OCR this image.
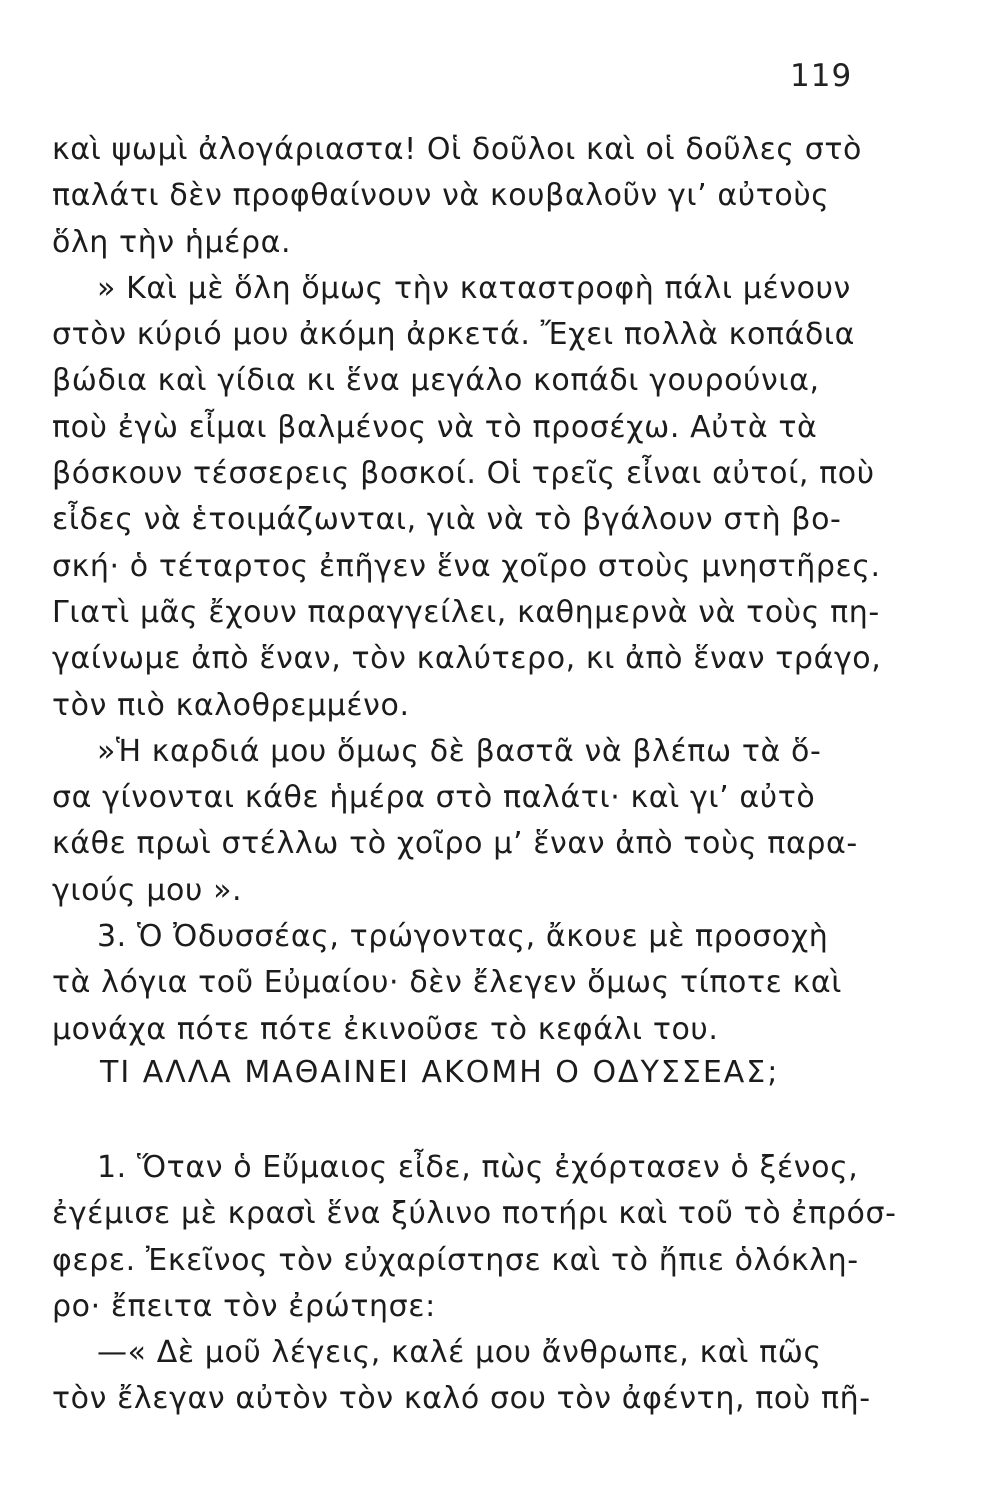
119
καὶ ψωμὶ ἀλογάριαστα! Οἱ δοῦλοι καὶ οἱ δοῦλες στὸ
παλάτι δὲν προφθαίνουν νὰ κουβαλοῦν γι’ αὐτοὺς
ὅλη τὴν ἡμέρα.
» Καὶ μὲ ὅλη ὅμως τὴν καταστροφὴ πάλι μένουν
στὸν κύριό μου ἀκόμη ἀρκετά. Ἔχει πολλὰ κοπάδια
βώδια καὶ γίδια κι ἕνα μεγάλο κοπάδι γουρούνια,
ποὺ ἐγὼ εἶμαι βαλμένος νὰ τὸ προσέχω. Αὐτὰ τὰ
βόσκουν τέσσερεις βοσκοί. Οἱ τρεῖς εἶναι αὐτοί, ποὺ
εἶδες νὰ ἑτοιμάζωνται, γιὰ νὰ τὸ βγάλουν στὴ βο-
σκή· ὁ τέταρτος ἐπῆγεν ἕνα χοῖρο στοὺς μνηστῆρες.
Γιατὶ μᾶς ἔχουν παραγγείλει, καθημερνὰ νὰ τοὺς πη-
γαίνωμε ἀπὸ ἕναν, τὸν καλύτερο, κι ἀπὸ ἕναν τράγο,
τὸν πιὸ καλοθρεμμένο.
»Ἡ καρδιά μου ὅμως δὲ βαστᾶ νὰ βλέπω τὰ ὅ-
σα γίνονται κάθε ἡμέρα στὸ παλάτι· καὶ γι’ αὐτὸ
κάθε πρωὶ στέλλω τὸ χοῖρο μ’ ἕναν ἀπὸ τοὺς παρα-
γιούς μου ».
3. Ὁ Ὀδυσσέας, τρώγοντας, ἄκουε μὲ προσοχὴ
τὰ λόγια τοῦ Εὐμαίου· δὲν ἔλεγεν ὅμως τίποτε καὶ
μονάχα πότε πότε ἐκινοῦσε τὸ κεφάλι του.
ΤΙ ΑΛΛΑ ΜΑΘΑΙΝΕΙ ΑΚΟΜΗ Ο ΟΔΥΣΣΕΑΣ;
1. Ὅταν ὁ Εὔμαιος εἶδε, πὼς ἐχόρτασεν ὁ ξένος,
ἐγέμισε μὲ κρασὶ ἕνα ξύλινο ποτήρι καὶ τοῦ τὸ ἐπρόσ-
φερε. Ἐκεῖνος τὸν εὐχαρίστησε καὶ τὸ ἤπιε ὁλόκλη-
ρο· ἔπειτα τὸν ἐρώτησε:
—« Δὲ μοῦ λέγεις, καλέ μου ἄνθρωπε, καὶ πῶς
τὸν ἔλεγαν αὐτὸν τὸν καλό σου τὸν ἀφέντη, ποὺ πῆ-
